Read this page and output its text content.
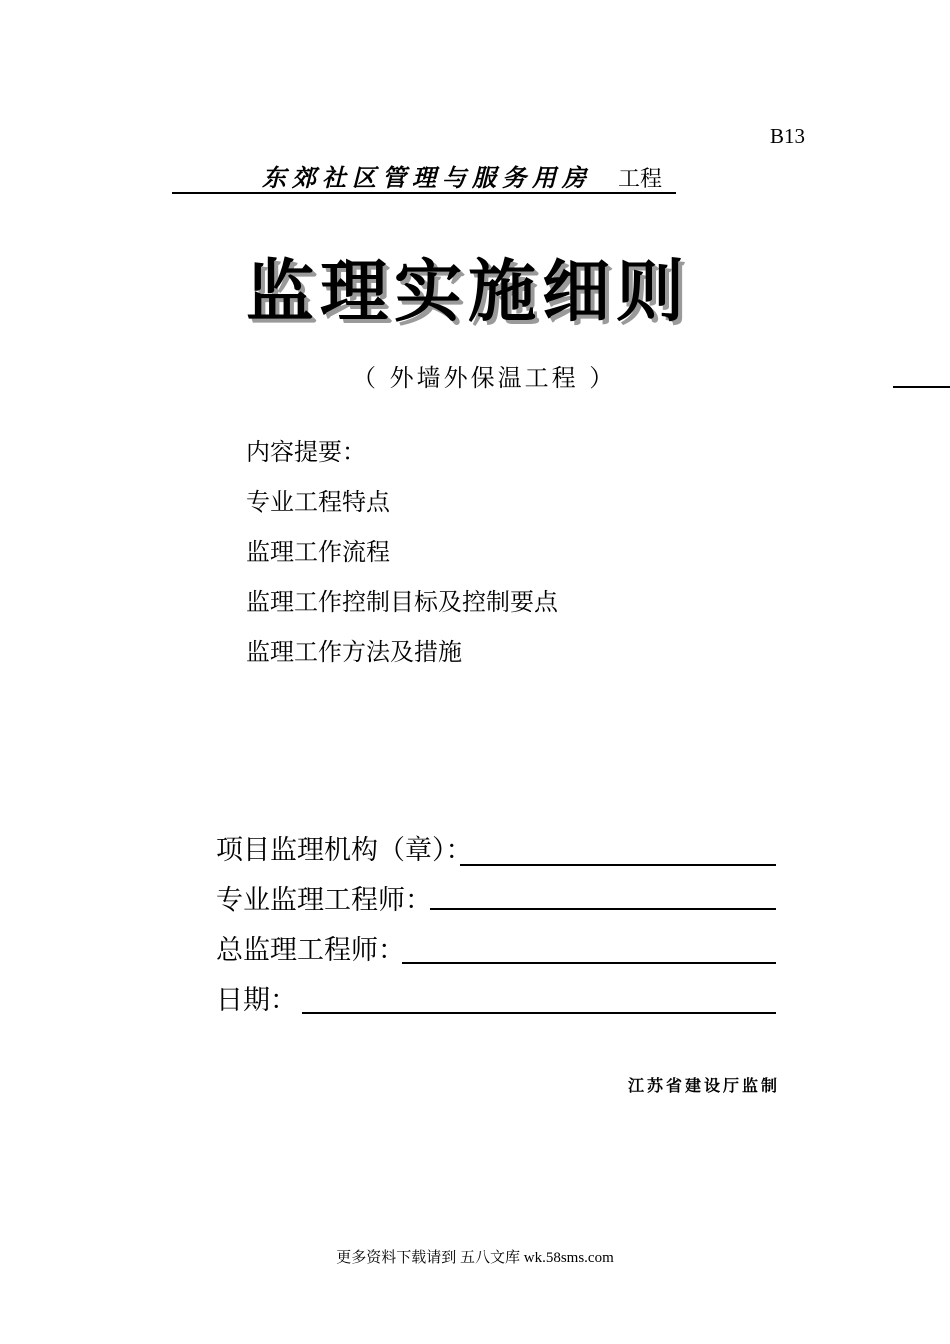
B13
东郊社区管理与服务用房 工程
监理实施细则
（ 外墙外保温工程 ）
内容提要：
专业工程特点
监理工作流程
监理工作控制目标及控制要点
监理工作方法及措施
项目监理机构（章）：
专业监理工程师：
总监理工程师：
日期：
江苏省建设厅监制
更多资料下载请到 五八文库 wk.58sms.com
